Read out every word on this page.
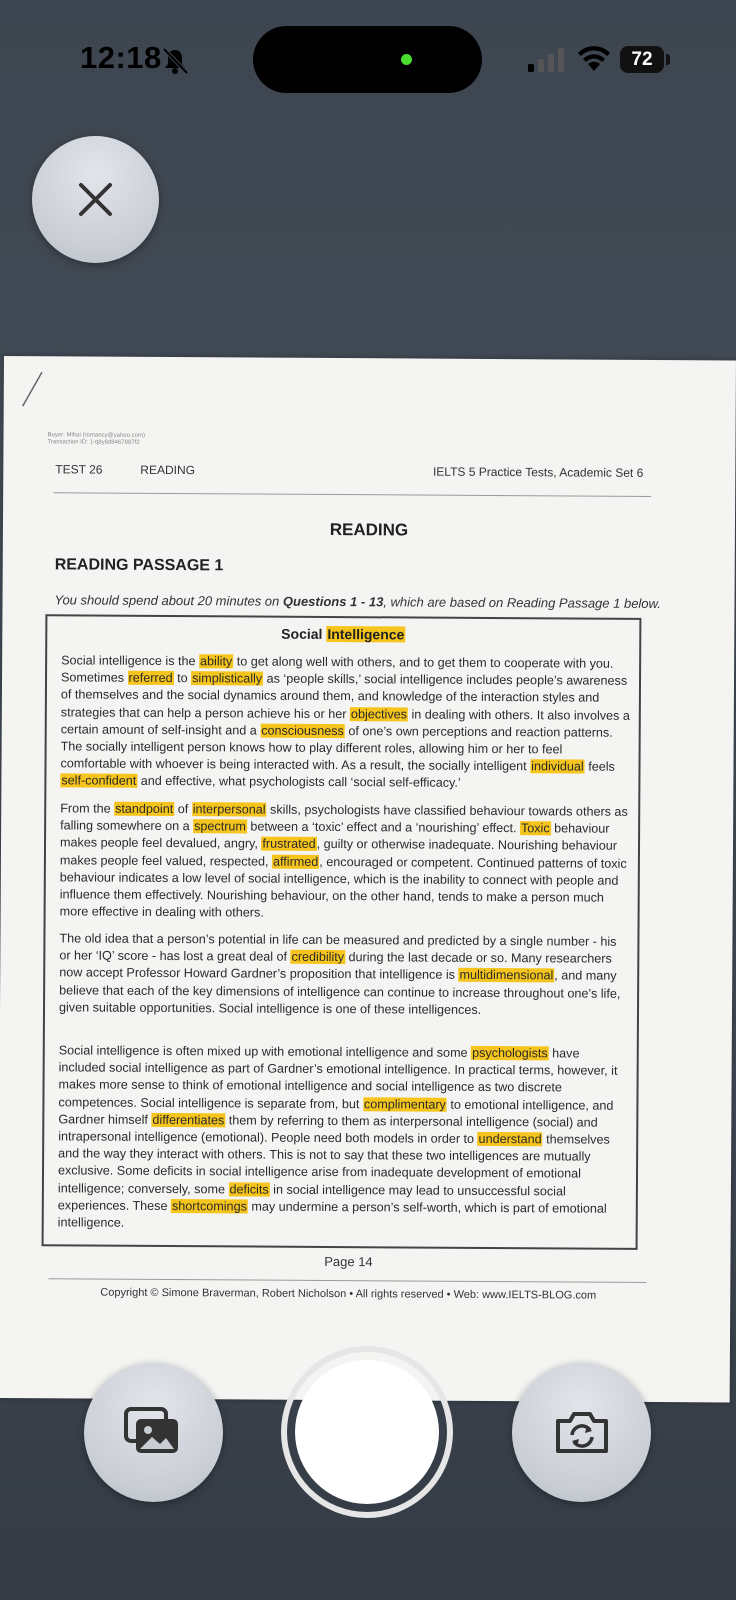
12:18	72
Buyer: Mihai (romancy@yahoo.com)
Transaction ID: 1-q8y8d8467887f2
TEST 26	READING	IELTS 5 Practice Tests, Academic Set 6
READING
READING PASSAGE 1
You should spend about 20 minutes on Questions 1 - 13, which are based on Reading Passage 1 below.
Social Intelligence
Social intelligence is the ability to get along well with others, and to get them to cooperate with you. Sometimes referred to simplistically as ‘people skills,’ social intelligence includes people’s awareness of themselves and the social dynamics around them, and knowledge of the interaction styles and strategies that can help a person achieve his or her objectives in dealing with others. It also involves a certain amount of self-insight and a consciousness of one’s own perceptions and reaction patterns. The socially intelligent person knows how to play different roles, allowing him or her to feel comfortable with whoever is being interacted with. As a result, the socially intelligent individual feels self-confident and effective, what psychologists call ‘social self-efficacy.’
From the standpoint of interpersonal skills, psychologists have classified behaviour towards others as falling somewhere on a spectrum between a ‘toxic’ effect and a ‘nourishing’ effect. Toxic behaviour makes people feel devalued, angry, frustrated, guilty or otherwise inadequate. Nourishing behaviour makes people feel valued, respected, affirmed, encouraged or competent. Continued patterns of toxic behaviour indicates a low level of social intelligence, which is the inability to connect with people and influence them effectively. Nourishing behaviour, on the other hand, tends to make a person much more effective in dealing with others.
The old idea that a person’s potential in life can be measured and predicted by a single number - his or her ‘IQ’ score - has lost a great deal of credibility during the last decade or so. Many researchers now accept Professor Howard Gardner’s proposition that intelligence is multidimensional, and many believe that each of the key dimensions of intelligence can continue to increase throughout one’s life, given suitable opportunities. Social intelligence is one of these intelligences.
Social intelligence is often mixed up with emotional intelligence and some psychologists have included social intelligence as part of Gardner’s emotional intelligence. In practical terms, however, it makes more sense to think of emotional intelligence and social intelligence as two discrete competences. Social intelligence is separate from, but complimentary to emotional intelligence, and Gardner himself differentiates them by referring to them as interpersonal intelligence (social) and intrapersonal intelligence (emotional). People need both models in order to understand themselves and the way they interact with others. This is not to say that these two intelligences are mutually exclusive. Some deficits in social intelligence arise from inadequate development of emotional intelligence; conversely, some deficits in social intelligence may lead to unsuccessful social experiences. These shortcomings may undermine a person’s self-worth, which is part of emotional intelligence.
Page 14
Copyright © Simone Braverman, Robert Nicholson • All rights reserved • Web: www.IELTS-BLOG.com
